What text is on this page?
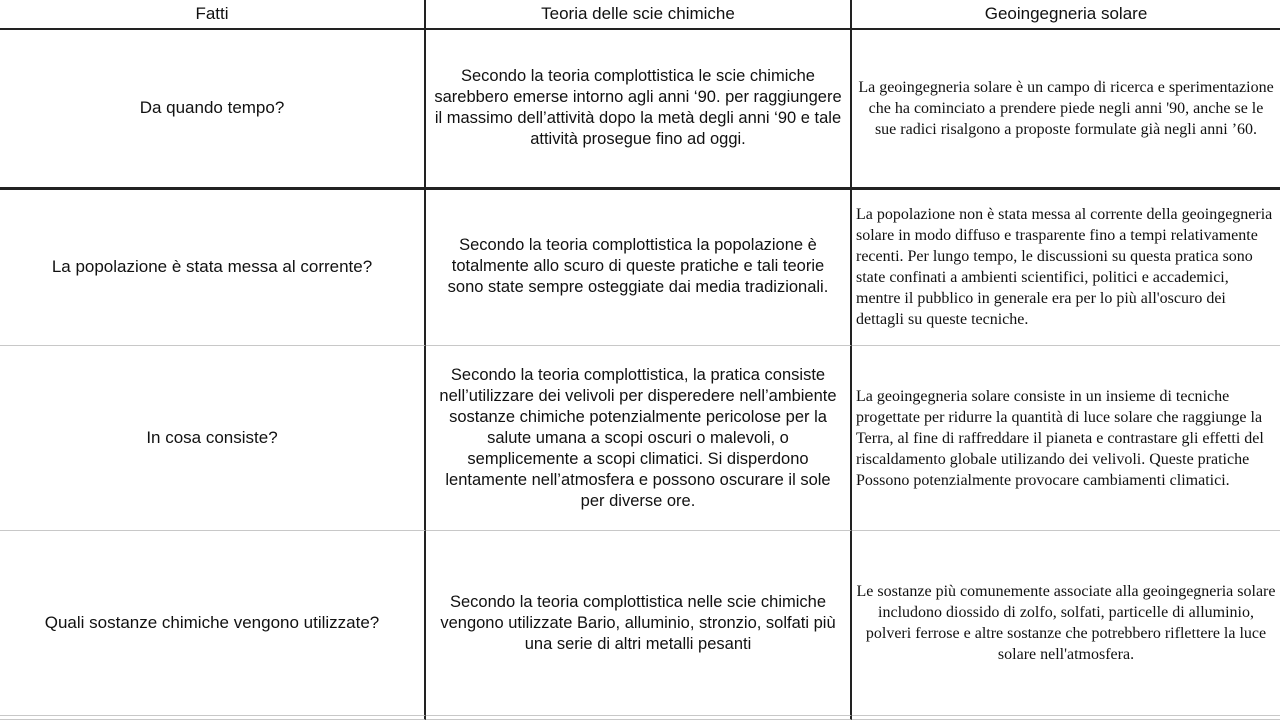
Fatti	Teoria delle scie chimiche	Geoingegneria solare
Da quando tempo?
Secondo la teoria complottistica le scie chimiche sarebbero emerse intorno agli anni ‘90. per raggiungere il massimo dell’attività dopo la metà degli anni ‘90 e tale attività prosegue fino ad oggi.
La geoingegneria solare è un campo di ricerca e sperimentazione che ha cominciato a prendere piede negli anni '90, anche se le sue radici risalgono a proposte formulate già negli anni ’60.
La popolazione è stata messa al corrente?
Secondo la teoria complottistica la popolazione è totalmente allo scuro di queste pratiche e tali teorie sono state sempre osteggiate dai media tradizionali.
La popolazione non è stata messa al corrente della geoingegneria solare in modo diffuso e trasparente fino a tempi relativamente recenti. Per lungo tempo, le discussioni su questa pratica sono state confinati a ambienti scientifici, politici e accademici, mentre il pubblico in generale era per lo più all'oscuro dei dettagli su queste tecniche.
In cosa consiste?
Secondo la teoria complottistica, la pratica consiste nell’utilizzare dei velivoli per disperedere nell’ambiente sostanze chimiche potenzialmente pericolose per la salute umana a scopi oscuri o malevoli, o semplicemente a scopi climatici. Si disperdono lentamente nell’atmosfera e possono oscurare il sole per diverse ore.
La geoingegneria solare consiste in un insieme di tecniche progettate per ridurre la quantità di luce solare che raggiunge la Terra, al fine di raffreddare il pianeta e contrastare gli effetti del riscaldamento globale utilizando dei velivoli. Queste pratiche Possono potenzialmente provocare cambiamenti climatici.
Quali sostanze chimiche vengono utilizzate?
Secondo la teoria complottistica nelle scie chimiche vengono utilizzate Bario, alluminio, stronzio, solfati più una serie di altri metalli pesanti
Le sostanze più comunemente associate alla geoingegneria solare includono diossido di zolfo, solfati, particelle di alluminio, polveri ferrose e altre sostanze che potrebbero riflettere la luce solare nell'atmosfera.
